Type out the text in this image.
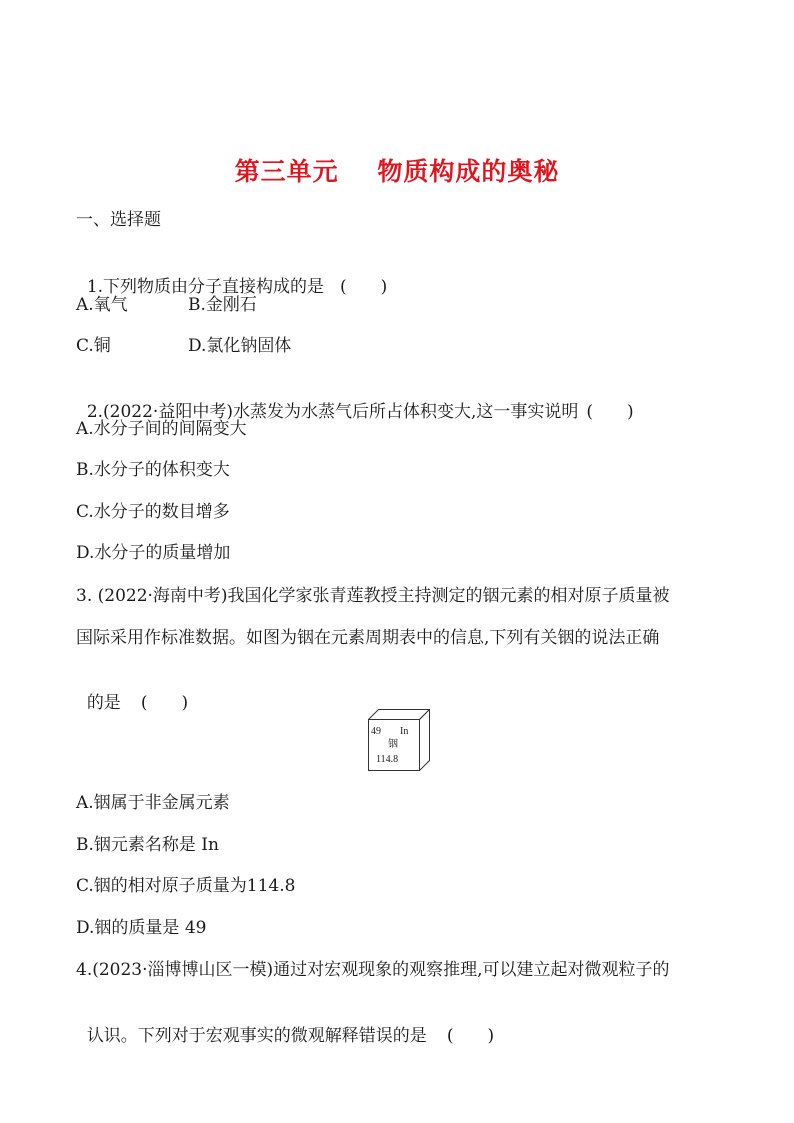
第三单元    物质构成的奥秘
一、选择题

1.下列物质由分子直接构成的是 (　　)

A.氧气	B.金刚石
C.铜	D.氯化钠固体

2.(2022·益阳中考)水蒸发为水蒸气后所占体积变大,这一事实说明 (　　)

A.水分子间的间隔变大
B.水分子的体积变大
C.水分子的数目增多
D.水分子的质量增加
3. (2022·海南中考)我国化学家张青莲教授主持测定的铟元素的相对原子质量被
国际采用作标准数据。如图为铟在元素周期表中的信息,下列有关铟的说法正确

的是 (　　)

49 In
铟
114.8
A.铟属于非金属元素
B.铟元素名称是 In
C.铟的相对原子质量为114.8
D.铟的质量是 49
4.(2023·淄博博山区一模)通过对宏观现象的观察推理,可以建立起对微观粒子的

认识。下列对于宏观事实的微观解释错误的是 (　　)
